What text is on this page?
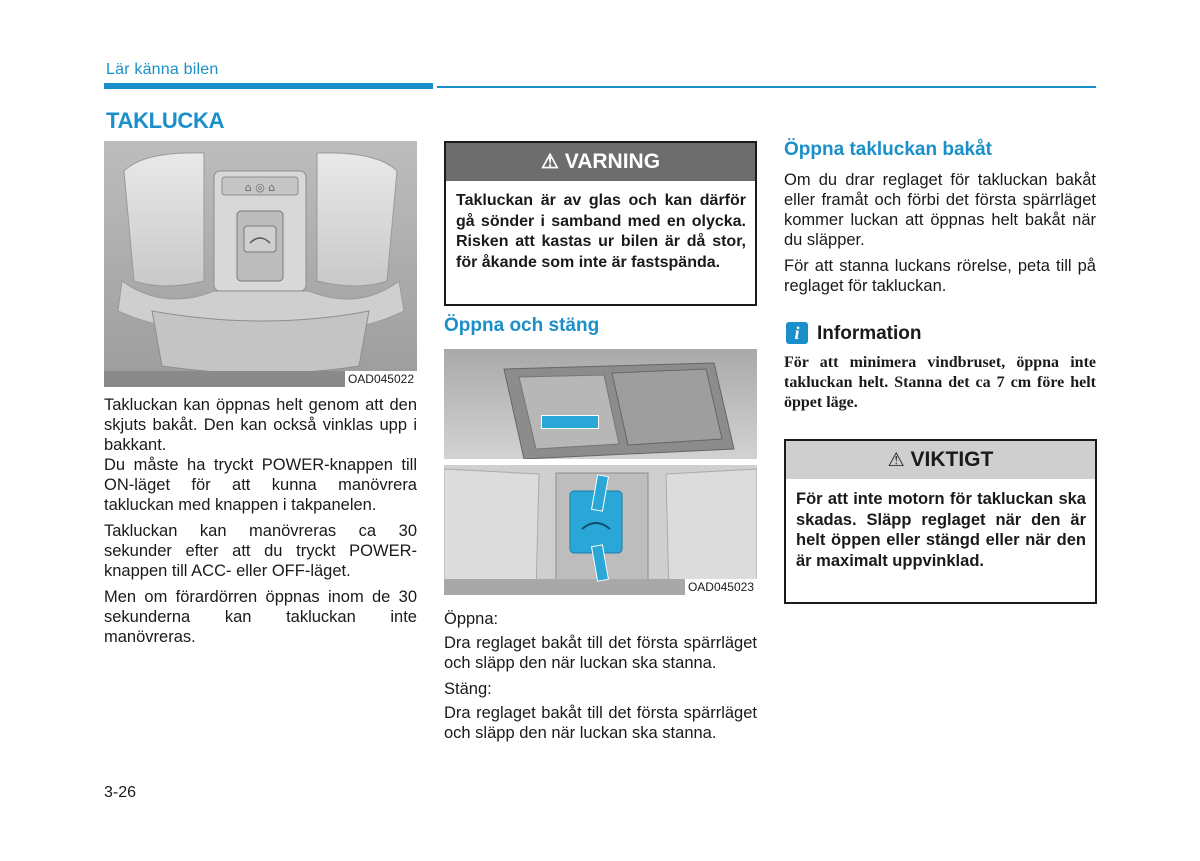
Lär känna bilen
TAKLUCKA
⌂ ◎ ⌂
OAD045022

Takluckan kan öppnas helt genom att den skjuts bakåt. Den kan också vinklas upp i bakkant.

Du måste ha tryckt POWER-knappen till ON-läget för att kunna manövrera takluckan med knappen i takpanelen.

Takluckan kan manövreras ca 30 sekunder efter att du tryckt POWER-knappen till ACC- eller OFF-läget.

Men om förardörren öppnas inom de 30 sekunderna kan takluckan inte manövreras.

⚠ VARNING
Takluckan är av glas och kan därför gå sönder i samband med en olycka. Risken att kastas ur bilen är då stor, för åkande som inte är fastspända.
Öppna och stäng
OAD045023

Öppna:

Dra reglaget bakåt till det första spärrläget och släpp den när luckan ska stanna.

Stäng:

Dra reglaget bakåt till det första spärrläget och släpp den när luckan ska stanna.

Öppna takluckan bakåt

Om du drar reglaget för takluckan bakåt eller framåt och förbi det första spärrläget kommer luckan att öppnas helt bakåt när du släpper.

För att stanna luckans rörelse, peta till på reglaget för takluckan.

i Information
För att minimera vindbruset, öppna inte takluckan helt. Stanna det ca 7 cm före helt öppet läge.
⚠ VIKTIGT
För att inte motorn för takluckan ska skadas. Släpp reglaget när den är helt öppen eller stängd eller när den är maximalt uppvinklad.
3-26
